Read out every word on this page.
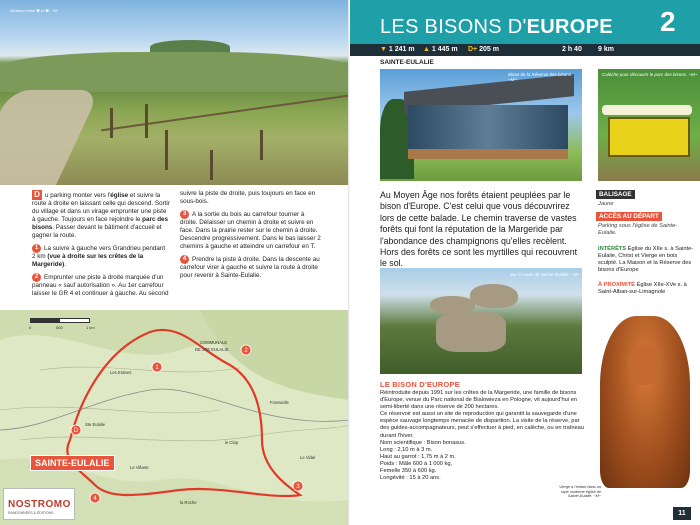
Alentour entre ❹ et ❺. ~M~

D u parking monter vers l'église et suivre la route à droite en laissant celle qui descend. Sortir du village et dans un virage emprunter une piste à gauche. Toujours en face rejoindre le parc des bisons. Passer devant le bâtiment d'accueil et gagner la route.

1 La suivre à gauche vers Grandrieu pendant 2 km (vue à droite sur les crêtes de la Margeride).

2 Emprunter une piste à droite marquée d'un panneau « sauf autorisation ». Au 1er carrefour laisser le GR 4 et continuer à gauche. Au second

suivre la piste de droite, puis toujours en face en sous-bois.

3 A la sortie du bois au carrefour tourner à droite. Délaisser un chemin à droite et suivre en face. Dans la prairie rester sur le chemin à droite. Descendre progressivement. Dans le bas laisser 2 chemins à gauche et atteindre un carrefour en T.

4 Prendre la piste à droite. Dans la descente au carrefour virer à gauche et suivre la route à droite pour revenir à Sainte-Eulalie.

D
1
2
3
4
0	500	1 km
COMMUNALE
DE STE EULALIE
Les Estives
Ste Eulalie
Le Villaret
Fonsvielle
le Clap
Le Vidal
la Roche
SAINTE-EULALIE
NOSTROMO
RANDONNÉES & ÉDITIONS
LES BISONS D'EUROPE 2
▼ 1 241 m ▲ 1 445 m D+ 205 m	2 h 40 9 km
SAINTE-EULALIE
Bison de la Réserve des bisons. ~M~
Calèche pour découvrir le parc des bisons. ~M~

Au Moyen Âge nos forêts étaient peuplées par le bison d'Europe. C'est celui que vous découvrirez lors de cette balade. Le chemin traverse de vastes forêts qui font la réputation de la Margeride par l'abondance des champignons qu'elles recèlent. Hors des forêts ce sont les myrtilles qui recouvrent le sol.

Sur la route de Sainte-Eulalie. ~M~
LE BISON D'EUROPE
Réintroduite depuis 1991 sur les crêtes de la Margeride, une famille de bisons d'Europe, venue du Parc national de Bialowieza en Pologne, vit aujourd'hui en semi-liberté dans une réserve de 200 hectares.
Ce réservoir est aussi un site de reproduction qui garantit la sauvegarde d'une espèce sauvage longtemps menacée de disparition. La visite de la réserve, par des guides-accompagnateurs, peut s'effectuer à pied, en calèche, ou en traîneau durant l'hiver.
Nom scientifique : Bison bonasus.
Long : 2,10 m à 3 m.
Haut au garrot : 1,75 m à 2 m.
Poids : Mâle 600 à 1 000 kg,
Femelle 350 à 600 kg.
Longévité : 15 à 20 ans.
BALISAGE
Jaune
ACCÈS AU DÉPART
Parking sous l'église de Sainte-Eulalie.
INTÉRÊTS Église du XIIe s. à Sainte-Eulalie, Christ et Vierge en bois sculpté. La Maison et la Réserve des bisons d'Europe
À PROXIMITÉ Église XIIe-XVe s. à Saint-Alban-sur-Limagnole
Vierge à l'enfant dans un style moderne église de Sainte-Eulalie. ~M~
11
